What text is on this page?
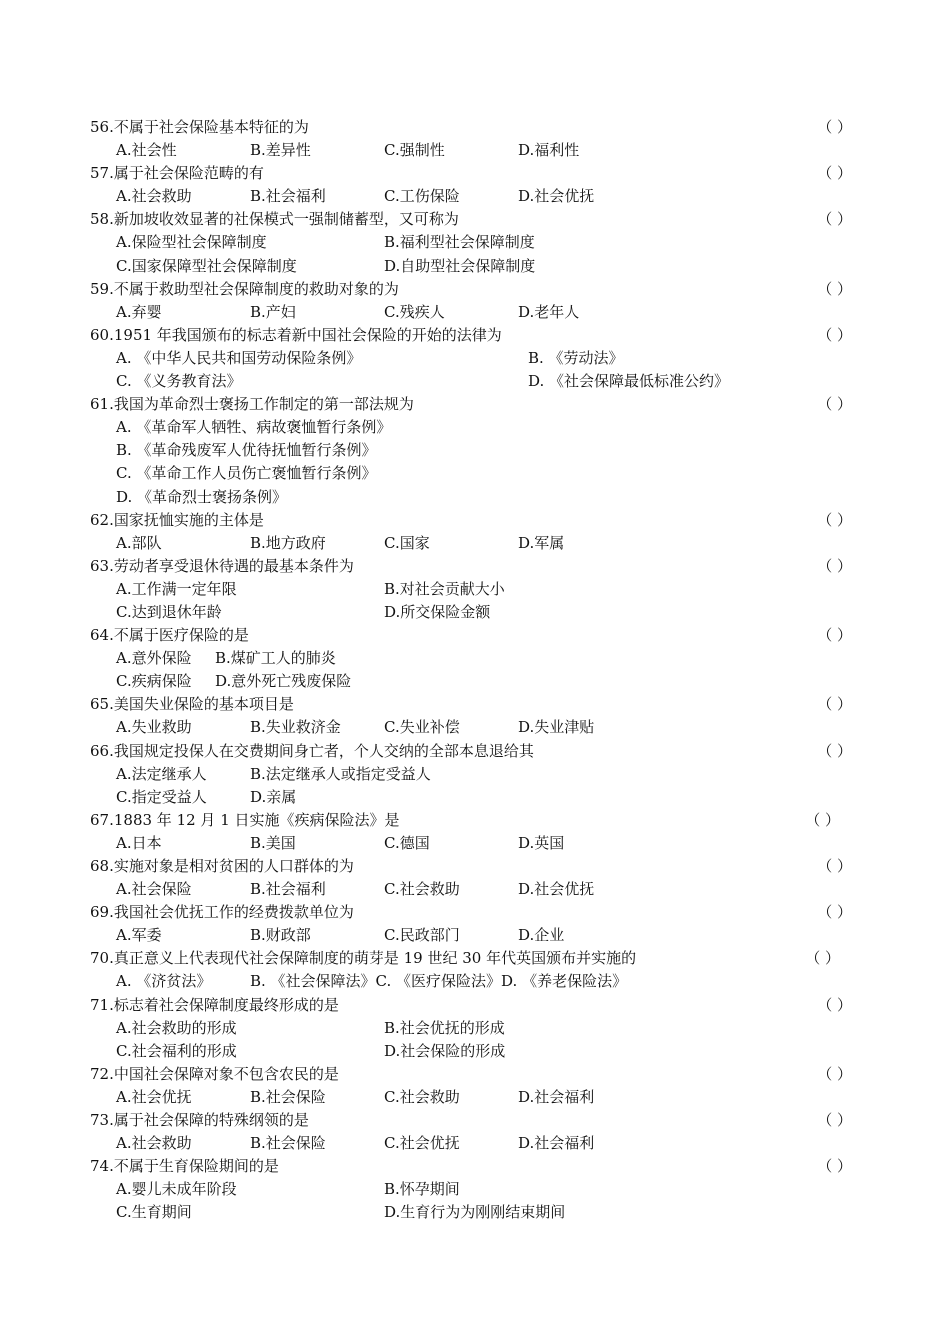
56.不属于社会保险基本特征的为	（ ）
A.社会性	B.差异性	C.强制性	D.福利性
57.属于社会保险范畴的有	（ ）
A.社会救助	B.社会福利	C.工伤保险	D.社会优抚
58.新加坡收效显著的社保模式一强制储蓄型，又可称为	（ ）
A.保险型社会保障制度	B.福利型社会保障制度
C.国家保障型社会保障制度	D.自助型社会保障制度
59.不属于救助型社会保障制度的救助对象的为	（ ）
A.弃婴	B.产妇	C.残疾人	D.老年人
60.1951 年我国颁布的标志着新中国社会保险的开始的法律为	（ ）
A. 《中华人民共和国劳动保险条例》	B. 《劳动法》
C. 《义务教育法》	D. 《社会保障最低标准公约》
61.我国为革命烈士褒扬工作制定的第一部法规为	（ ）
A. 《革命军人牺牲、病故褒恤暂行条例》
B. 《革命残废军人优待抚恤暂行条例》
C. 《革命工作人员伤亡褒恤暂行条例》
D. 《革命烈士褒扬条例》
62.国家抚恤实施的主体是	（ ）
A.部队	B.地方政府	C.国家	D.军属
63.劳动者享受退休待遇的最基本条件为	（ ）
A.工作满一定年限	B.对社会贡献大小
C.达到退休年龄	D.所交保险金额
64.不属于医疗保险的是	（ ）
A.意外保险 B.煤矿工人的肺炎
C.疾病保险 D.意外死亡残废保险
65.美国失业保险的基本项目是	（ ）
A.失业救助	B.失业救济金	C.失业补偿	D.失业津贴
66.我国规定投保人在交费期间身亡者，个人交纳的全部本息退给其	（ ）
A.法定继承人	B.法定继承人或指定受益人
C.指定受益人	D.亲属
67.1883 年 12 月 1 日实施《疾病保险法》是	（ ）
A.日本	B.美国	C.德国	D.英国
68.实施对象是相对贫困的人口群体的为	（ ）
A.社会保险	B.社会福利	C.社会救助	D.社会优抚
69.我国社会优抚工作的经费拨款单位为	（ ）
A.军委	B.财政部	C.民政部门	D.企业
70.真正意义上代表现代社会保障制度的萌芽是 19 世纪 30 年代英国颁布并实施的	（ ）
A. 《济贫法》	B. 《社会保障法》C. 《医疗保险法》D. 《养老保险法》
71.标志着社会保障制度最终形成的是	（ ）
A.社会救助的形成	B.社会优抚的形成
C.社会福利的形成	D.社会保险的形成
72.中国社会保障对象不包含农民的是	（ ）
A.社会优抚	B.社会保险	C.社会救助	D.社会福利
73.属于社会保障的特殊纲领的是	（ ）
A.社会救助	B.社会保险	C.社会优抚	D.社会福利
74.不属于生育保险期间的是	（ ）
A.婴儿未成年阶段	B.怀孕期间
C.生育期间	D.生育行为为刚刚结束期间
